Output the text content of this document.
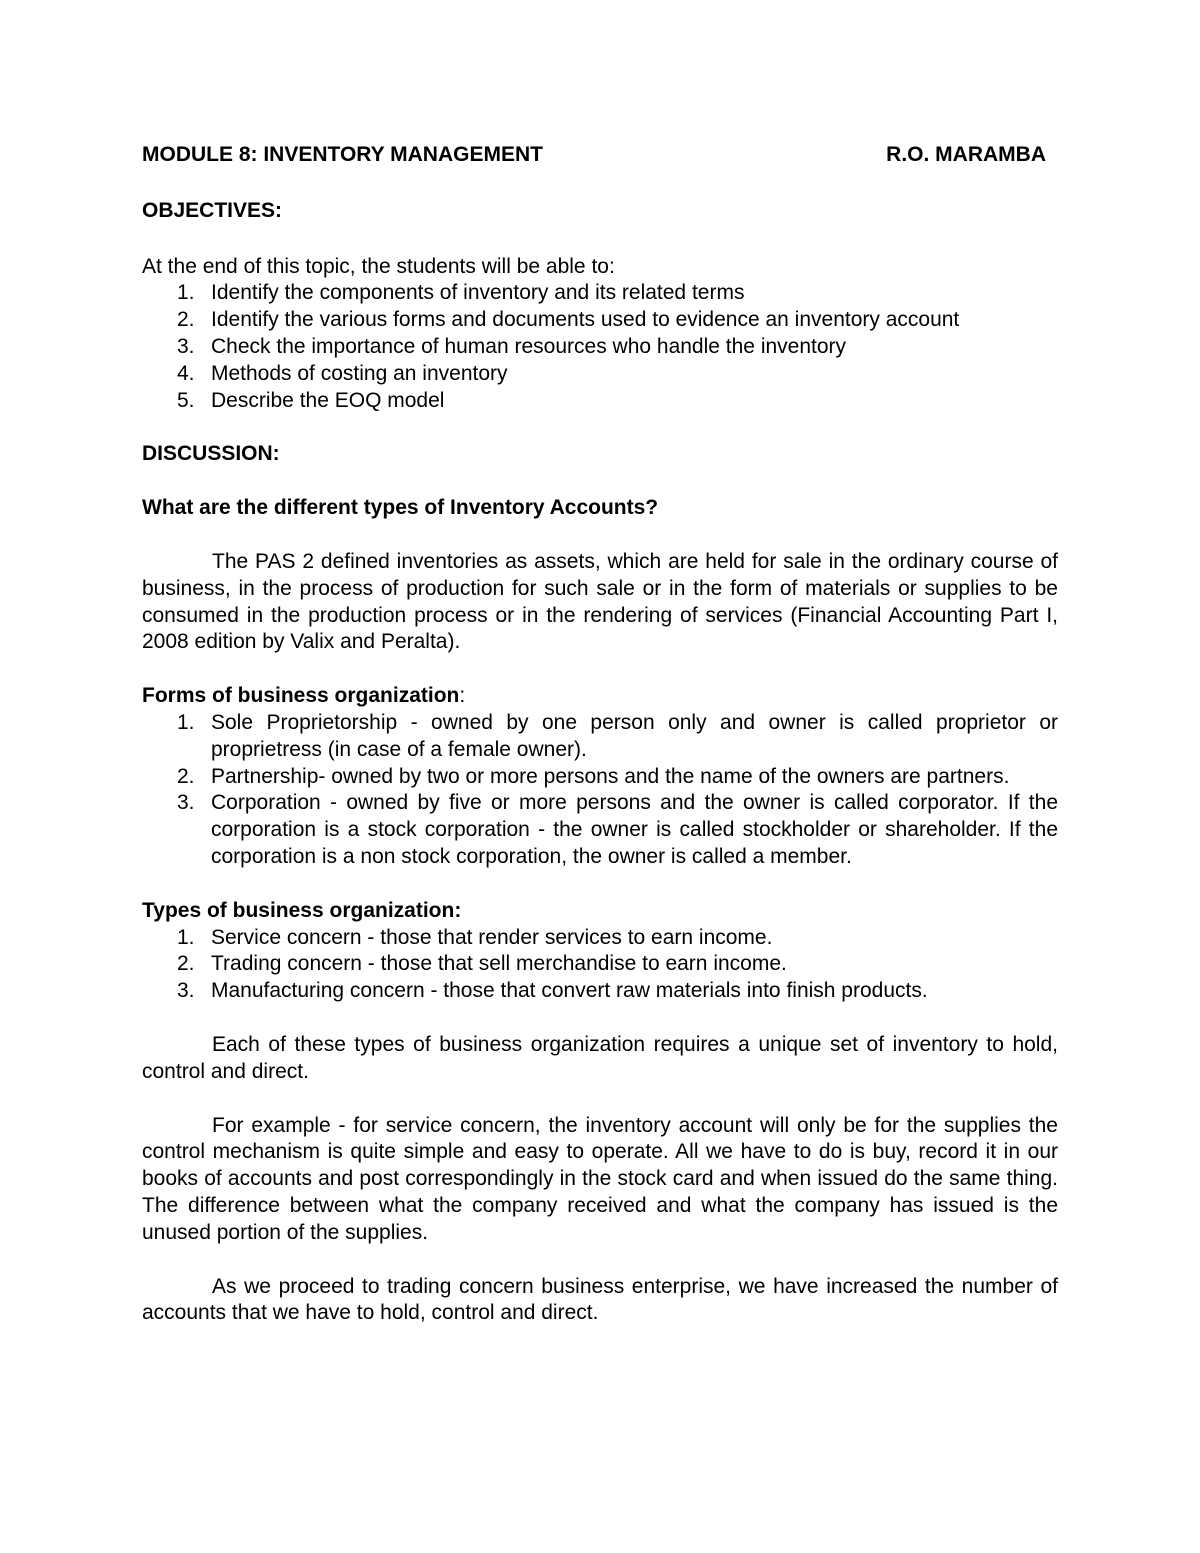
MODULE 8: INVENTORY MANAGEMENT	R.O. MARAMBA

OBJECTIVES:

At the end of this topic, the students will be able to:

1. Identify the components of inventory and its related terms
2. Identify the various forms and documents used to evidence an inventory account
3. Check the importance of human resources who handle the inventory
4. Methods of costing an inventory
5. Describe the EOQ model

DISCUSSION:

What are the different types of Inventory Accounts?

The PAS 2 defined inventories as assets, which are held for sale in the ordinary course of business, in the process of production for such sale or in the form of materials or supplies to be consumed in the production process or in the rendering of services (Financial Accounting Part I, 2008 edition by Valix and Peralta).

Forms of business organization:

1. Sole Proprietorship - owned by one person only and owner is called proprietor or proprietress (in case of a female owner).
2. Partnership- owned by two or more persons and the name of the owners are partners.
3. Corporation - owned by five or more persons and the owner is called corporator. If the corporation is a stock corporation - the owner is called stockholder or shareholder. If the corporation is a non stock corporation, the owner is called a member.

Types of business organization:

1. Service concern - those that render services to earn income.
2. Trading concern - those that sell merchandise to earn income.
3. Manufacturing concern - those that convert raw materials into finish products.

Each of these types of business organization requires a unique set of inventory to hold, control and direct.

For example - for service concern, the inventory account will only be for the supplies the control mechanism is quite simple and easy to operate. All we have to do is buy, record it in our books of accounts and post correspondingly in the stock card and when issued do the same thing. The difference between what the company received and what the company has issued is the unused portion of the supplies.

As we proceed to trading concern business enterprise, we have increased the number of accounts that we have to hold, control and direct.
